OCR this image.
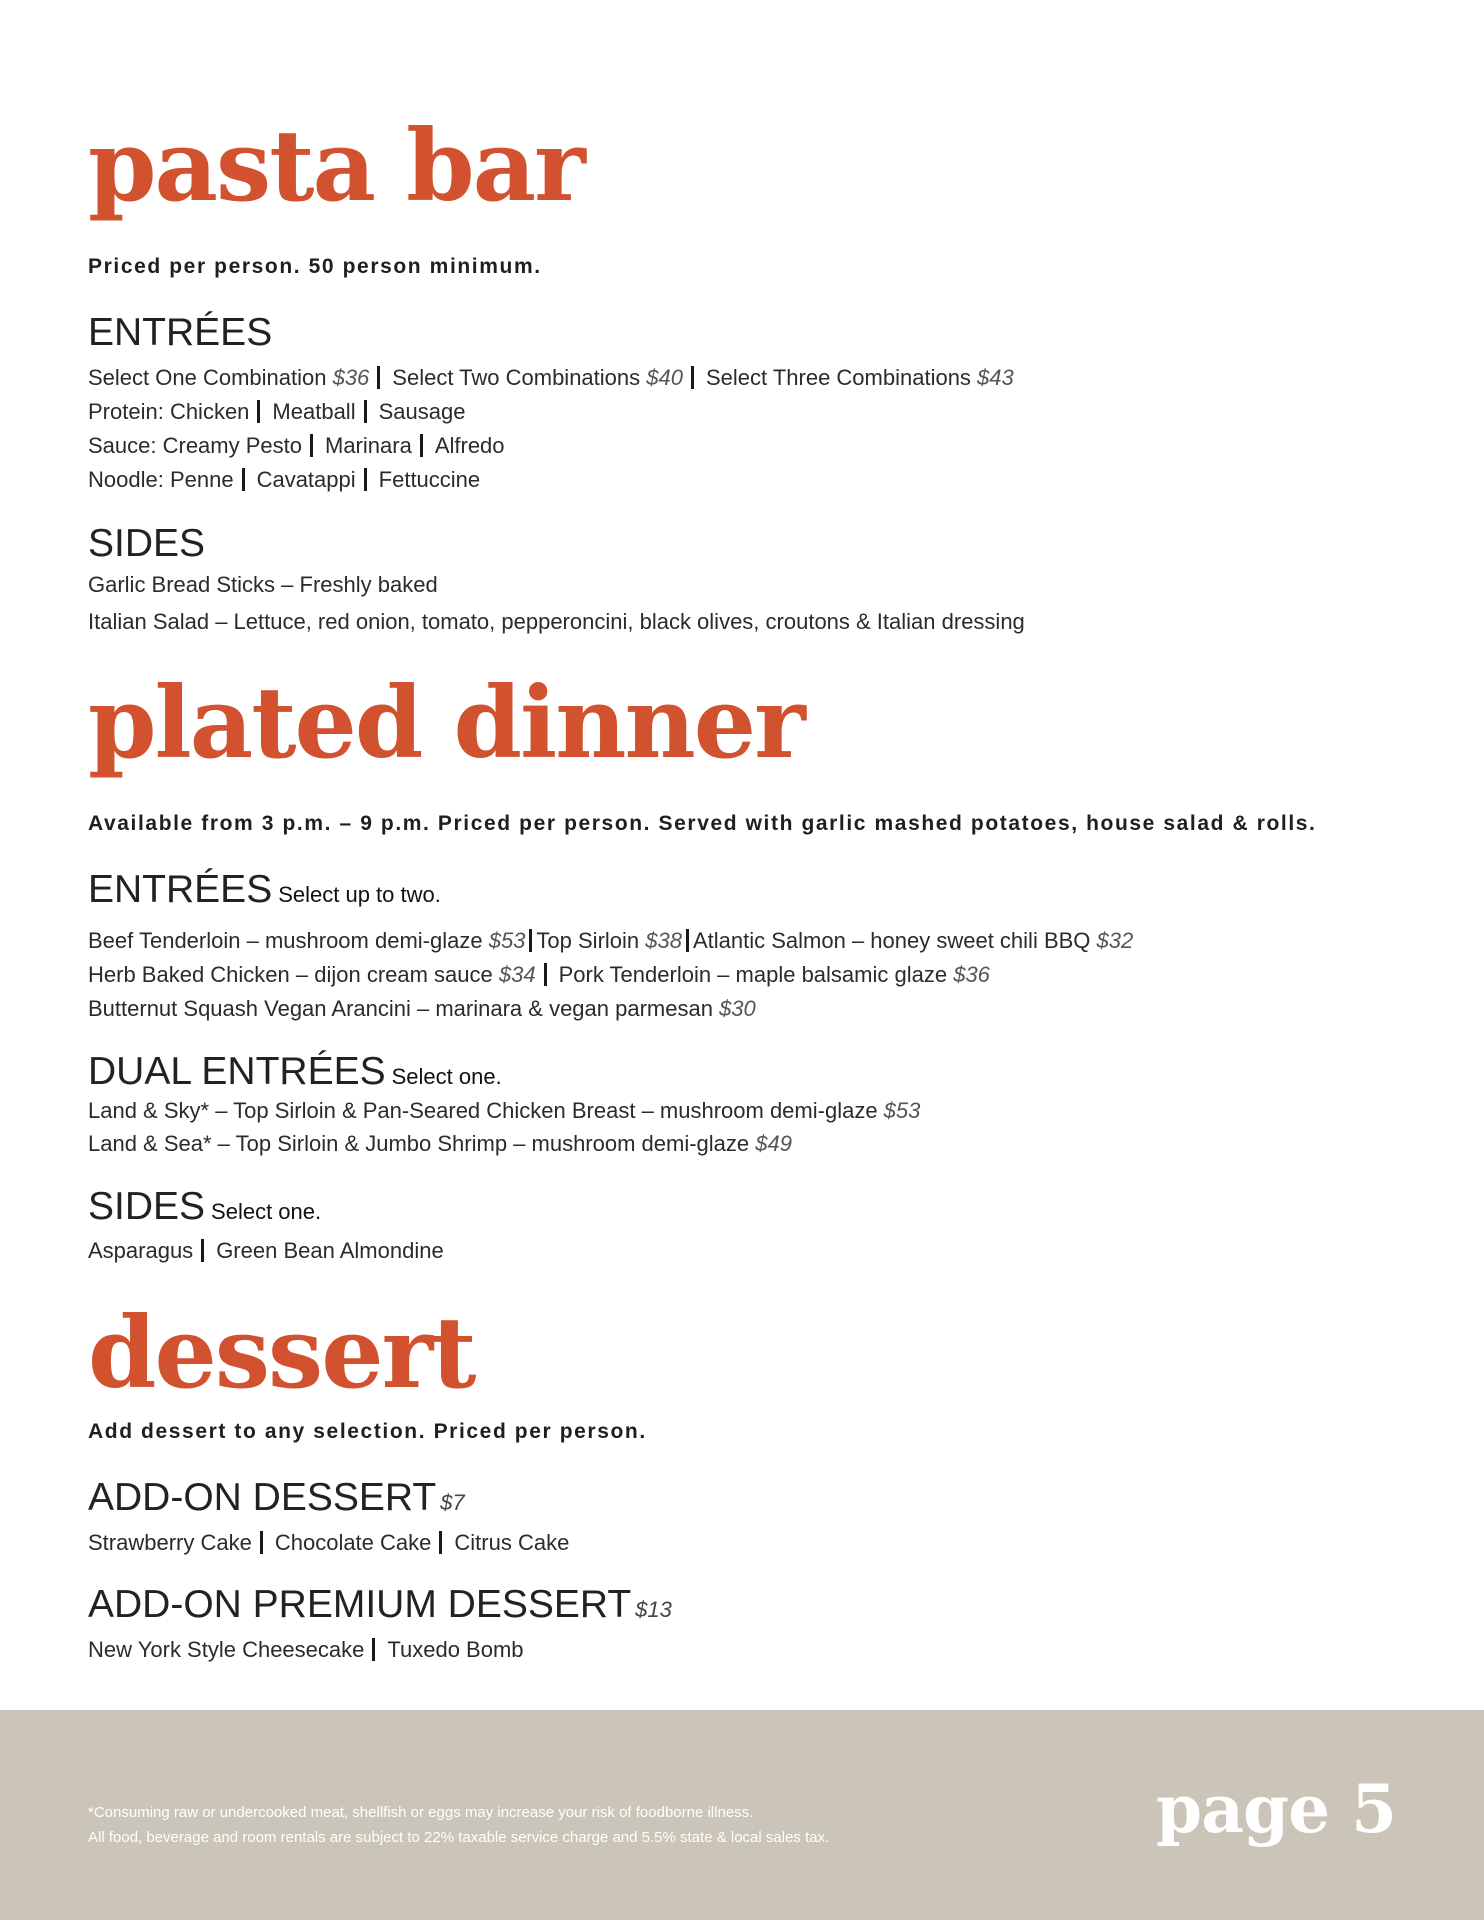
pasta bar
Priced per person. 50 person minimum.
ENTRÉES
Select One Combination $36 Select Two Combinations $40 Select Three Combinations $43
Protein: Chicken Meatball Sausage
Sauce: Creamy Pesto Marinara Alfredo
Noodle: Penne Cavatappi Fettuccine
SIDES
Garlic Bread Sticks – Freshly baked
Italian Salad – Lettuce, red onion, tomato, pepperoncini, black olives, croutons & Italian dressing
plated dinner
Available from 3 p.m. – 9 p.m. Priced per person. Served with garlic mashed potatoes, house salad & rolls.
ENTRÉES Select up to two.
Beef Tenderloin – mushroom demi-glaze $53 Top Sirloin $38 Atlantic Salmon – honey sweet chili BBQ $32
Herb Baked Chicken – dijon cream sauce $34 Pork Tenderloin – maple balsamic glaze $36
Butternut Squash Vegan Arancini – marinara & vegan parmesan $30
DUAL ENTRÉES Select one.
Land & Sky* – Top Sirloin & Pan-Seared Chicken Breast – mushroom demi-glaze $53
Land & Sea* – Top Sirloin & Jumbo Shrimp – mushroom demi-glaze $49
SIDES Select one.
Asparagus Green Bean Almondine
dessert
Add dessert to any selection. Priced per person.
ADD-ON DESSERT $7
Strawberry Cake Chocolate Cake Citrus Cake
ADD-ON PREMIUM DESSERT $13
New York Style Cheesecake Tuxedo Bomb
*Consuming raw or undercooked meat, shellfish or eggs may increase your risk of foodborne illness.
All food, beverage and room rentals are subject to 22% taxable service charge and 5.5% state & local sales tax.	page 5
